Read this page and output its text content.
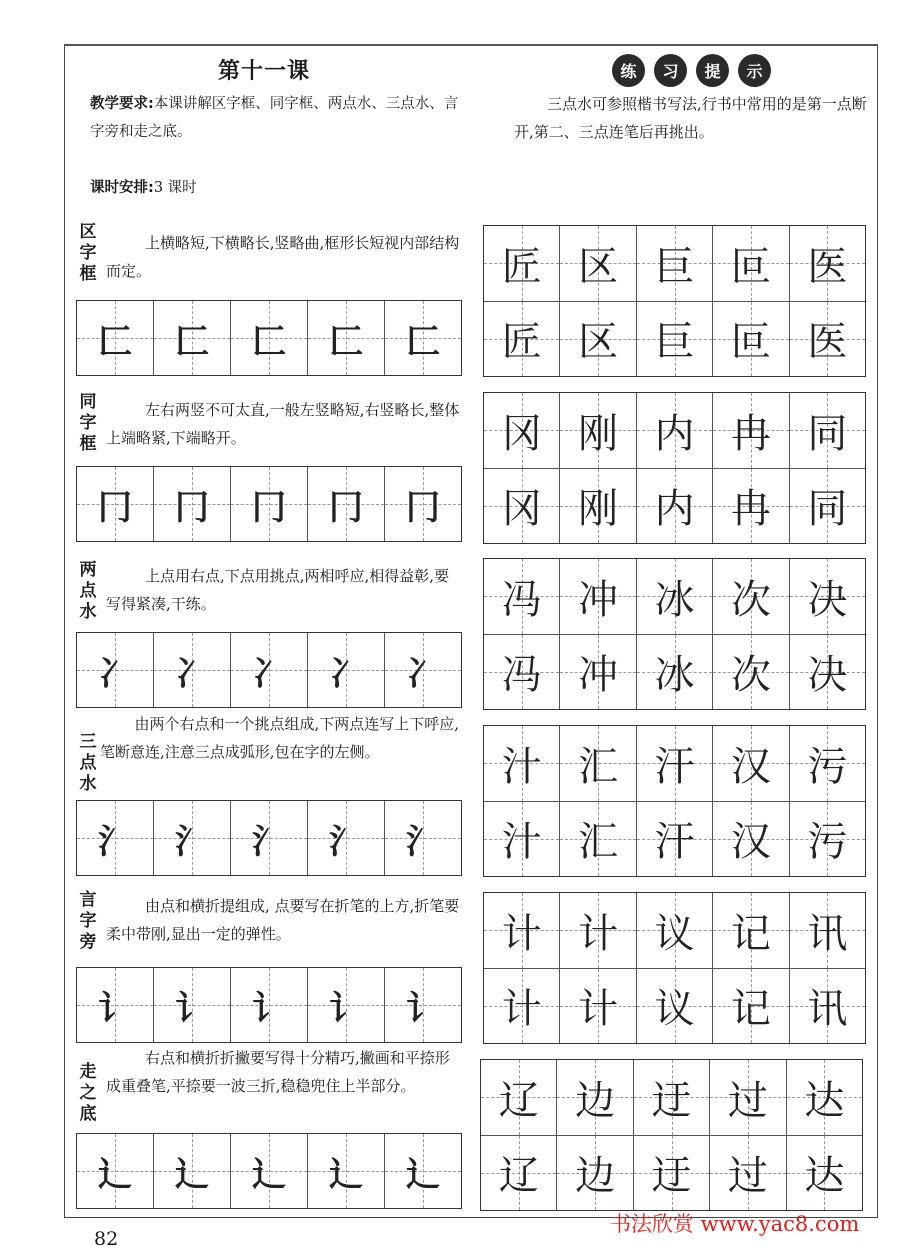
第十一课
教学要求:本课讲解区字框、同字框、两点水、三点水、言字旁和走之底。
课时安排:3 课时
练	习	提	示
三点水可参照楷书写法,行书中常用的是第一点断开,第二、三点连笔后再挑出。
区字框
上横略短,下横略长,竖略曲,框形长短视内部结构而定。
匚 匚 匚 匚 匚
匠 区 巨 叵 医
匠 区 巨 叵 医
同字框
左右两竖不可太直,一般左竖略短,右竖略长,整体上端略紧,下端略开。
冂 冂 冂 冂 冂
冈 刚 内 冉 同
冈 刚 内 冉 同
两点水
上点用右点,下点用挑点,两相呼应,相得益彰,要写得紧凑,干练。
冫 冫 冫 冫 冫
冯 冲 冰 次 决
冯 冲 冰 次 决
三点水
由两个右点和一个挑点组成,下两点连写上下呼应,笔断意连,注意三点成弧形,包在字的左侧。
氵 氵 氵 氵 氵
汁 汇 汗 汉 污
汁 汇 汗 汉 污
言字旁
由点和横折提组成, 点要写在折笔的上方,折笔要柔中带刚,显出一定的弹性。
讠 讠 讠 讠 讠
计 计 议 记 讯
计 计 议 记 讯
走之底
右点和横折折撇要写得十分精巧,撇画和平捺形成重叠笔,平捺要一波三折,稳稳兜住上半部分。
辶 辶 辶 辶 辶
辽 边 迂 过 达
辽 边 迂 过 达
82
书法欣赏 www.yac8.com
